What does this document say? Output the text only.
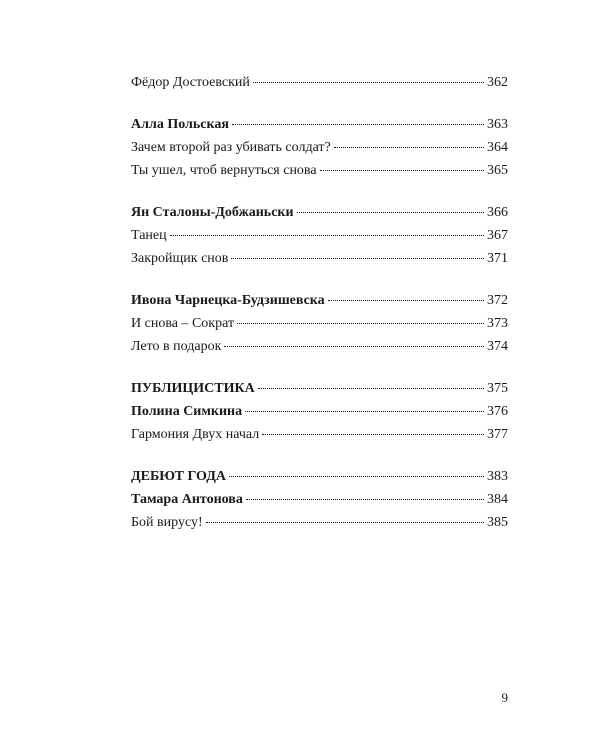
Фёдор Достоевский	362
Алла Польская	363
Зачем второй раз убивать солдат?	364
Ты ушел, чтоб вернуться снова	365
Ян Сталоны-Добжаньски	366
Танец	367
Закройщик снов	371
Ивона Чарнецка-Будзишевска	372
И снова – Сократ	373
Лето в подарок	374
ПУБЛИЦИСТИКА	375
Полина Симкина	376
Гармония Двух начал	377
ДЕБЮТ ГОДА	383
Тамара Антонова	384
Бой вирусу!	385
9
